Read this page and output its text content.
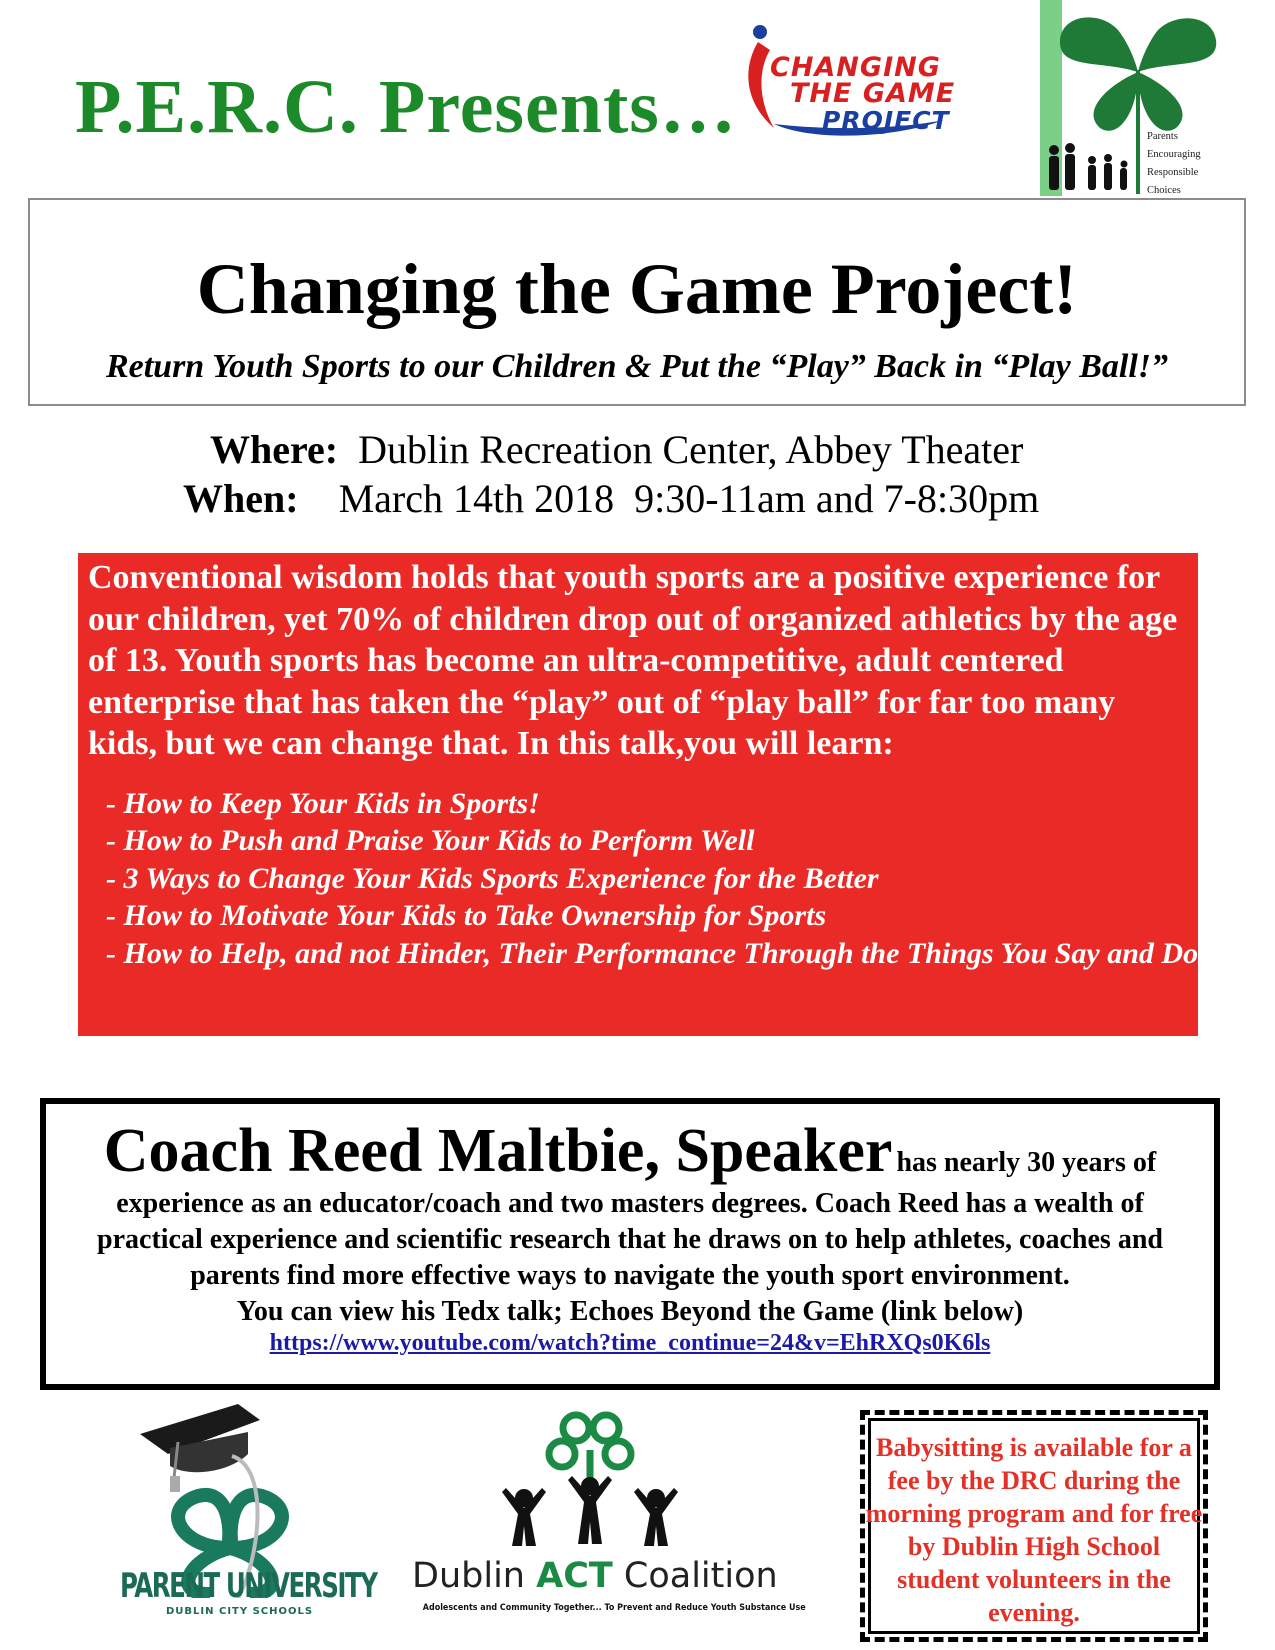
P.E.R.C. Presents… CHANGING
THE GAME
PROJECT
Parents
Encouraging
Responsible
Choices
Changing the Game Project!
Return Youth Sports to our Children & Put the “Play” Back in “Play Ball!”
Where: Dublin Recreation Center, Abbey Theater
When: March 14th 2018  9:30-11am and 7-8:30pm

Conventional wisdom holds that youth sports are a positive experience for our children, yet 70% of children drop out of organized athletics by the age of 13. Youth sports has become an ultra-competitive, adult centered enterprise that has taken the “play” out of “play ball” for far too many kids, but we can change that. In this talk,you will learn:

- How to Keep Your Kids in Sports!
- How to Push and Praise Your Kids to Perform Well
- 3 Ways to Change Your Kids Sports Experience for the Better
- How to Motivate Your Kids to Take Ownership for Sports
- How to Help, and not Hinder, Their Performance Through the Things You Say and Do
Coach Reed Maltbie, Speaker has nearly 30 years of

experience as an educator/coach and two masters degrees. Coach Reed has a wealth of

practical experience and scientific research that he draws on to help athletes, coaches and

parents find more effective ways to navigate the youth sport environment.

You can view his Tedx talk; Echoes Beyond the Game (link below)

https://www.youtube.com/watch?time_continue=24&v=EhRXQs0K6ls
PARENT UNIVERSITY
DUBLIN CITY SCHOOLS
Dublin ACT Coalition
Adolescents and Community Together... To Prevent and Reduce Youth Substance Use
Babysitting is available for a fee by the DRC during the morning program and for free by Dublin High School student volunteers in the evening.
